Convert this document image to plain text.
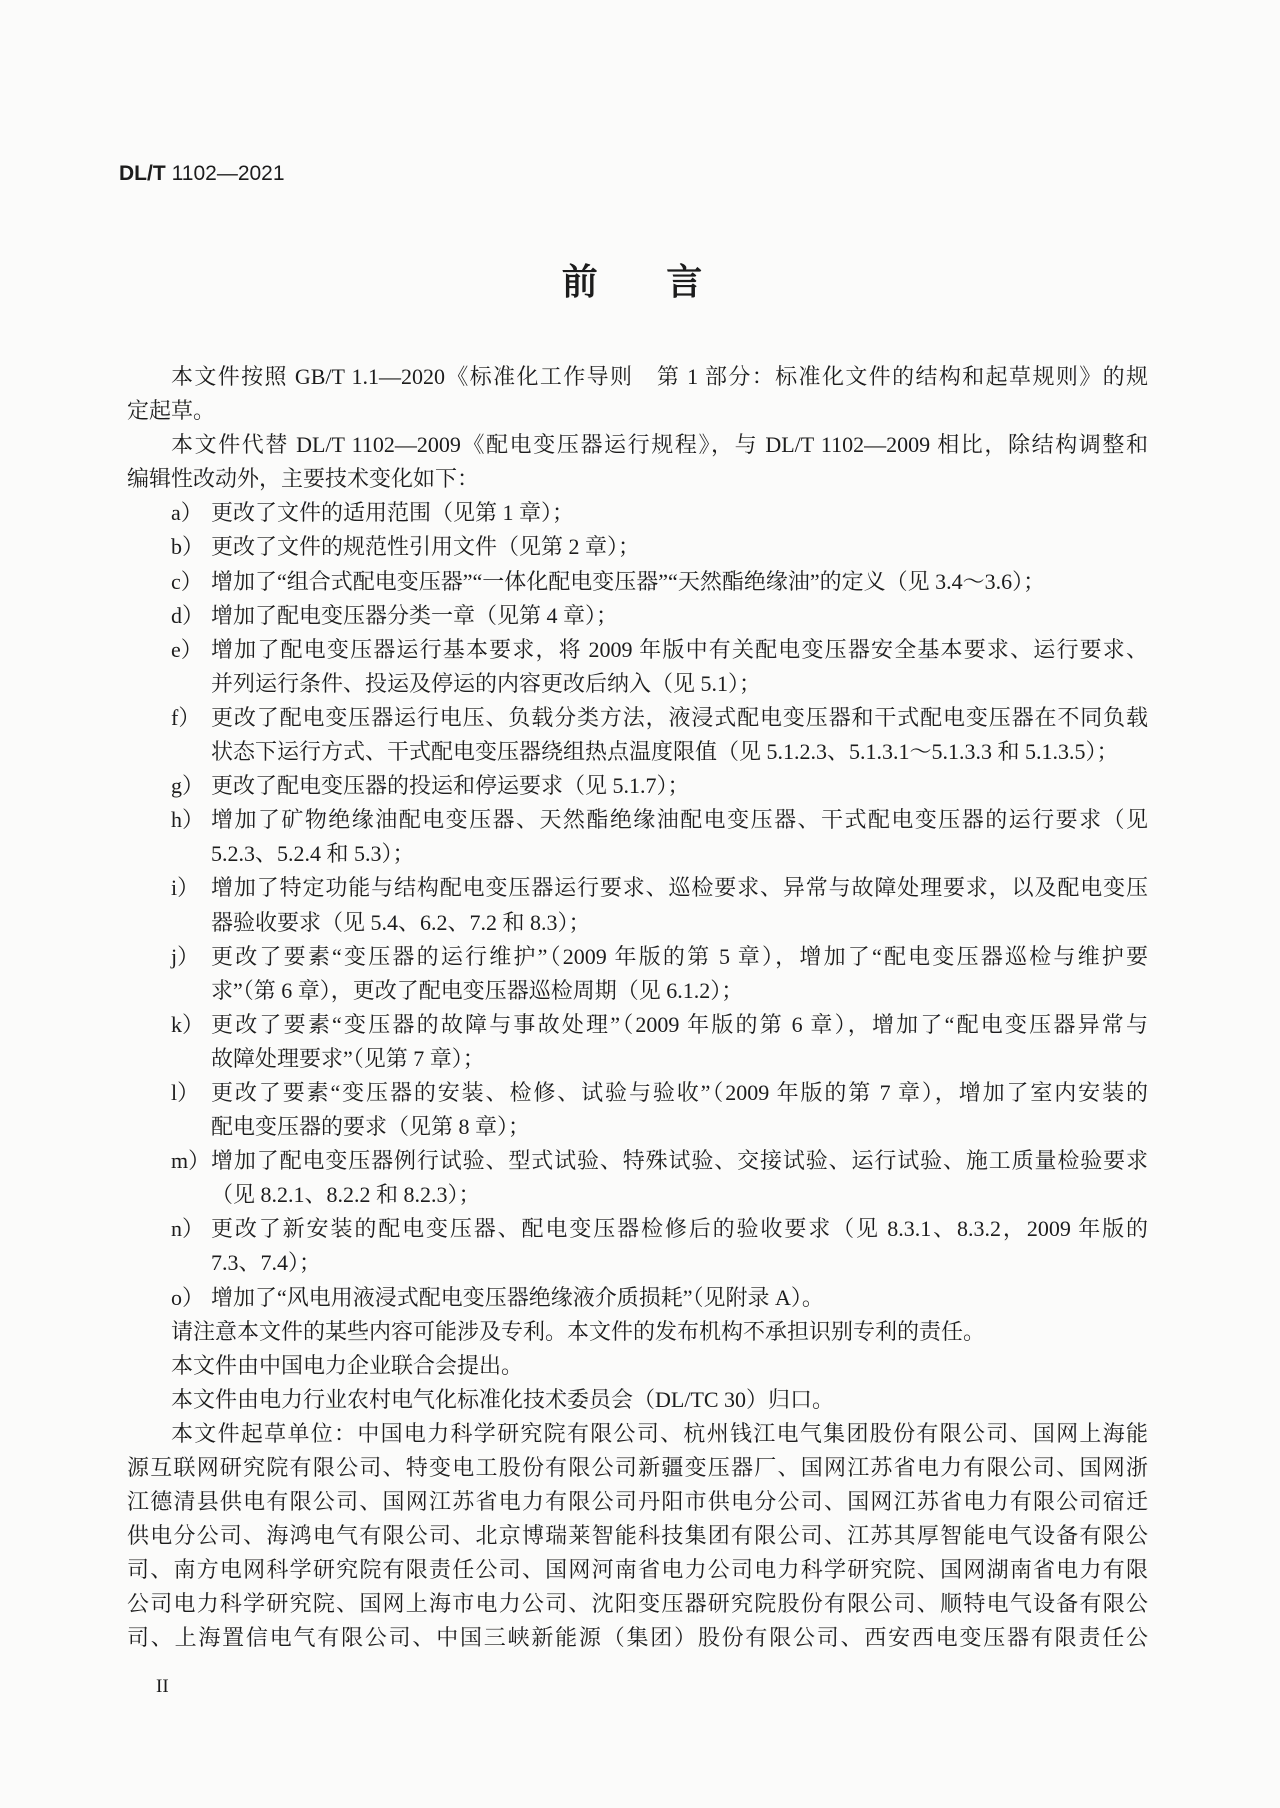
DL/T 1102—2021
前 言
本文件按照 GB/T 1.1—2020《标准化工作导则　第 1 部分：标准化文件的结构和起草规则》的规
定起草。
本文件代替 DL/T 1102—2009《配电变压器运行规程》，与 DL/T 1102—2009 相比，除结构调整和
编辑性改动外，主要技术变化如下：
a） 更改了文件的适用范围（见第 1 章）；
b） 更改了文件的规范性引用文件（见第 2 章）；
c） 增加了“组合式配电变压器”“一体化配电变压器”“天然酯绝缘油”的定义（见 3.4～3.6）；
d） 增加了配电变压器分类一章（见第 4 章）；
e） 增加了配电变压器运行基本要求，将 2009 年版中有关配电变压器安全基本要求、运行要求、
并列运行条件、投运及停运的内容更改后纳入（见 5.1）；
f） 更改了配电变压器运行电压、负载分类方法，液浸式配电变压器和干式配电变压器在不同负载
状态下运行方式、干式配电变压器绕组热点温度限值（见 5.1.2.3、5.1.3.1～5.1.3.3 和 5.1.3.5）；
g） 更改了配电变压器的投运和停运要求（见 5.1.7）；
h） 增加了矿物绝缘油配电变压器、天然酯绝缘油配电变压器、干式配电变压器的运行要求（见
5.2.3、5.2.4 和 5.3）；
i） 增加了特定功能与结构配电变压器运行要求、巡检要求、异常与故障处理要求，以及配电变压
器验收要求（见 5.4、6.2、7.2 和 8.3）；
j） 更改了要素“变压器的运行维护”（2009 年版的第 5 章），增加了“配电变压器巡检与维护要
求”（第 6 章），更改了配电变压器巡检周期（见 6.1.2）；
k） 更改了要素“变压器的故障与事故处理”（2009 年版的第 6 章），增加了“配电变压器异常与
故障处理要求”（见第 7 章）；
l） 更改了要素“变压器的安装、检修、试验与验收”（2009 年版的第 7 章），增加了室内安装的
配电变压器的要求（见第 8 章）；
m） 增加了配电变压器例行试验、型式试验、特殊试验、交接试验、运行试验、施工质量检验要求
（见 8.2.1、8.2.2 和 8.2.3）；
n） 更改了新安装的配电变压器、配电变压器检修后的验收要求（见 8.3.1、8.3.2，2009 年版的
7.3、7.4）；
o） 增加了“风电用液浸式配电变压器绝缘液介质损耗”（见附录 A）。
请注意本文件的某些内容可能涉及专利。本文件的发布机构不承担识别专利的责任。
本文件由中国电力企业联合会提出。
本文件由电力行业农村电气化标准化技术委员会（DL/TC 30）归口。
本文件起草单位：中国电力科学研究院有限公司、杭州钱江电气集团股份有限公司、国网上海能
源互联网研究院有限公司、特变电工股份有限公司新疆变压器厂、国网江苏省电力有限公司、国网浙
江德清县供电有限公司、国网江苏省电力有限公司丹阳市供电分公司、国网江苏省电力有限公司宿迁
供电分公司、海鸿电气有限公司、北京博瑞莱智能科技集团有限公司、江苏其厚智能电气设备有限公
司、南方电网科学研究院有限责任公司、国网河南省电力公司电力科学研究院、国网湖南省电力有限
公司电力科学研究院、国网上海市电力公司、沈阳变压器研究院股份有限公司、顺特电气设备有限公
司、上海置信电气有限公司、中国三峡新能源（集团）股份有限公司、西安西电变压器有限责任公
II
